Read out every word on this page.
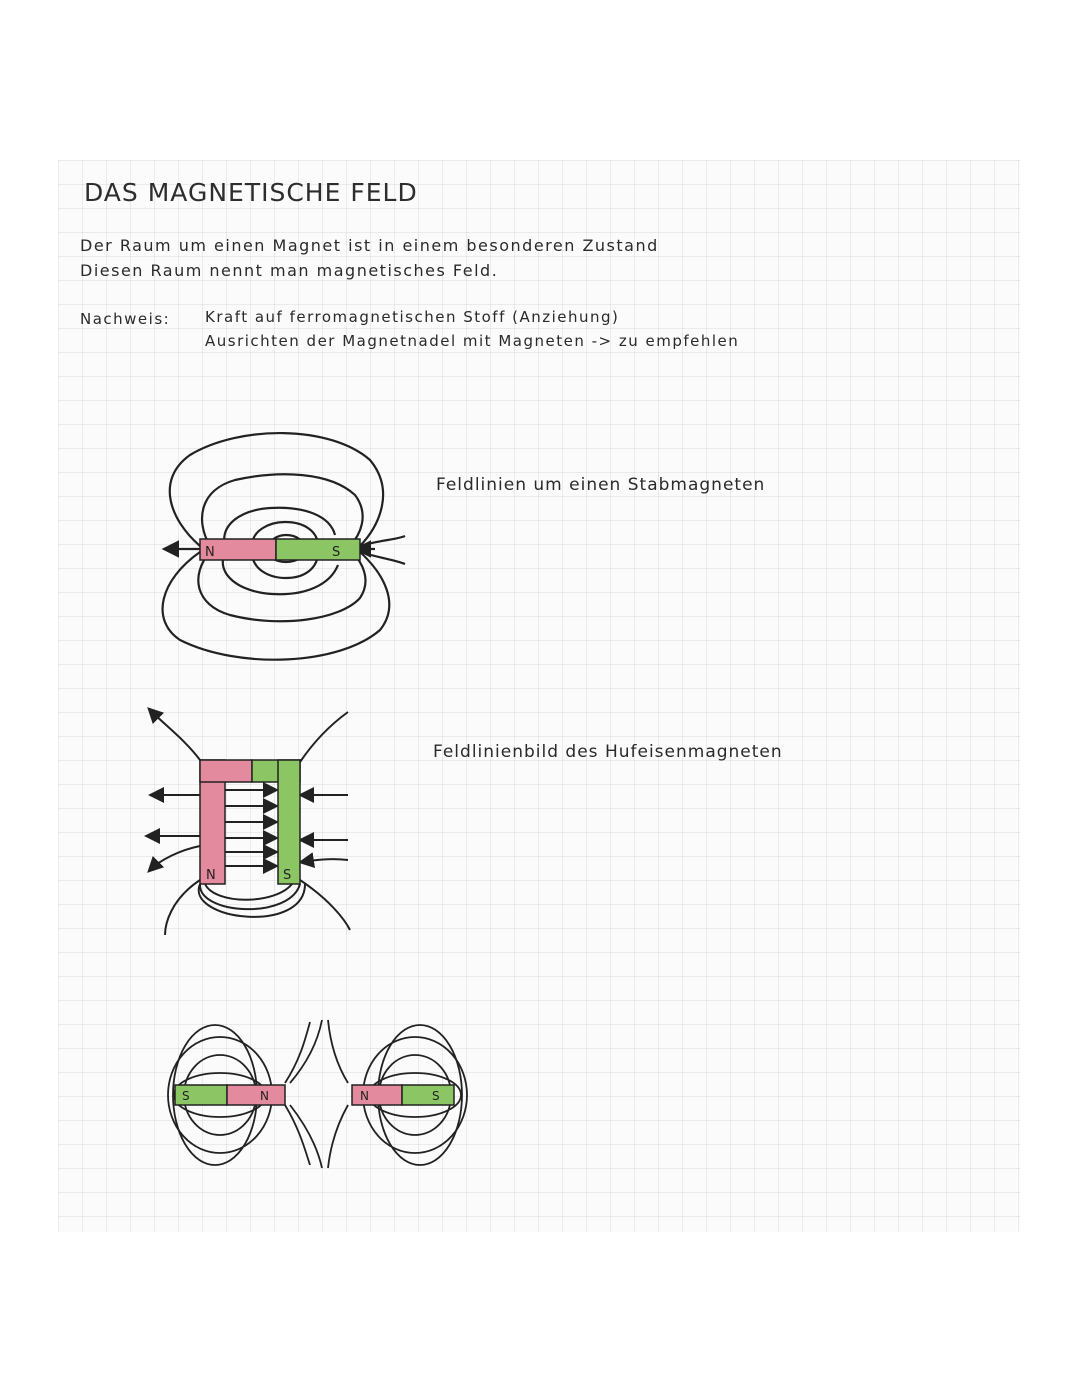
DAS MAGNETISCHE FELD
Der Raum um einen Magnet ist in einem besonderen Zustand
Diesen Raum nennt man magnetisches Feld.
Nachweis: Kraft auf ferromagnetischen Stoff (Anziehung)
Ausrichten der Magnetnadel mit Magneten -> zu empfehlen
Feldlinien um einen Stabmagneten
Feldlinienbild des Hufeisenmagneten
N	S
N	S
S	N	N	S
